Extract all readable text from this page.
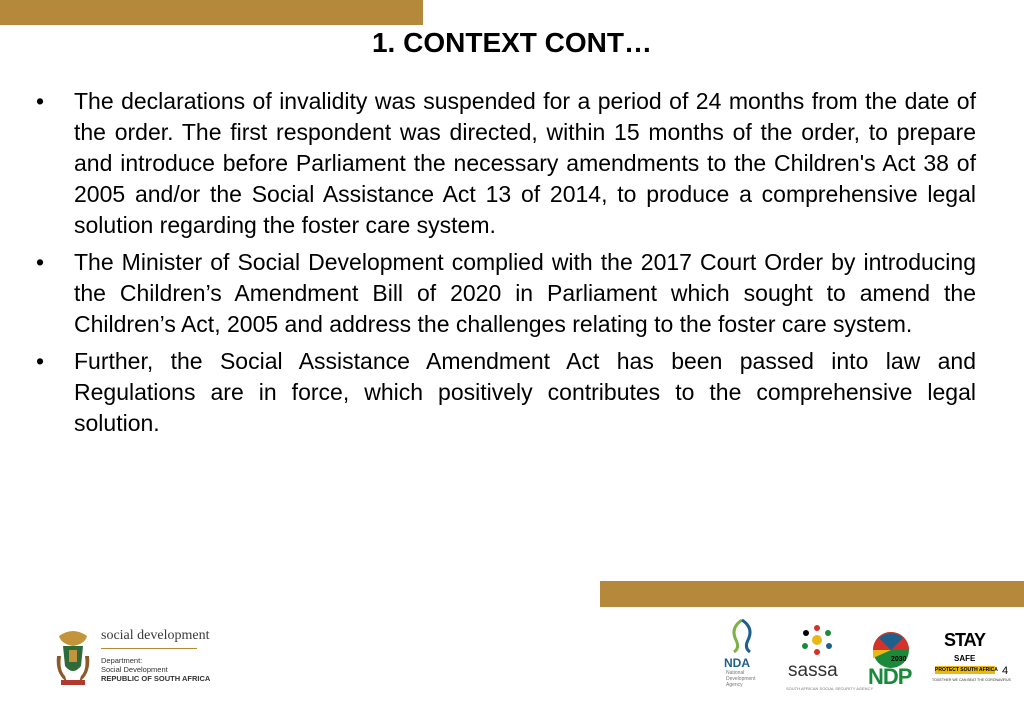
1. CONTEXT CONT…
• The declarations of invalidity was suspended for a period of 24 months from the date of the order. The first respondent was directed, within 15 months of the order, to prepare and introduce before Parliament the necessary amendments to the Children's Act 38 of 2005 and/or the Social Assistance Act 13 of 2014, to produce a comprehensive legal solution regarding the foster care system.
• The Minister of Social Development complied with the 2017 Court Order by introducing the Children’s Amendment Bill of 2020 in Parliament which sought to amend the Children’s Act, 2005 and address the challenges relating to the foster care system.
• Further, the Social Assistance Amendment Act has been passed into law and Regulations are in force, which positively contributes to the comprehensive legal solution.
social development
Department:
Social Development
REPUBLIC OF SOUTH AFRICA
NDA
National
Development
Agency
sassa
SOUTH AFRICAN SOCIAL SECURITY AGENCY
2030
NDP
STAY
SAFE
PROTECT SOUTH AFRICA
TOGETHER WE CAN BEAT THE CORONAVIRUS
4
